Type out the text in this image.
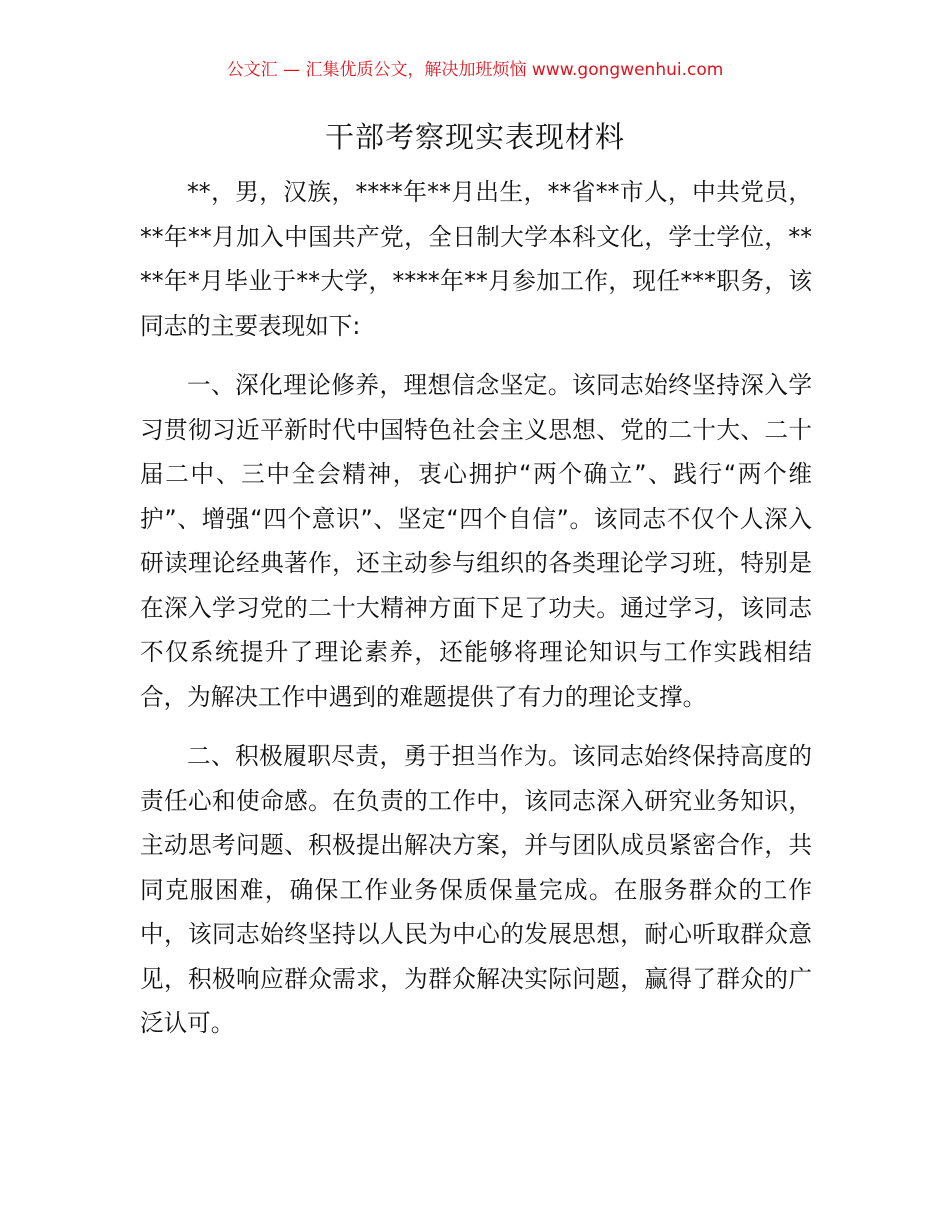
公文汇 — 汇集优质公文，解决加班烦恼 www.gongwenhui.com
干部考察现实表现材料

**，男，汉族，****年**月出生，**省**市人，中共党员，**年**月加入中国共产党，全日制大学本科文化，学士学位，****年*月毕业于**大学，****年**月参加工作，现任***职务，该同志的主要表现如下:

一、深化理论修养，理想信念坚定。该同志始终坚持深入学习贯彻习近平新时代中国特色社会主义思想、党的二十大、二十届二中、三中全会精神，衷心拥护“两个确立”、践行“两个维护”、增强“四个意识”、坚定“四个自信”。该同志不仅个人深入研读理论经典著作，还主动参与组织的各类理论学习班，特别是在深入学习党的二十大精神方面下足了功夫。通过学习，该同志不仅系统提升了理论素养，还能够将理论知识与工作实践相结合，为解决工作中遇到的难题提供了有力的理论支撑。

二、积极履职尽责，勇于担当作为。该同志始终保持高度的责任心和使命感。在负责的工作中，该同志深入研究业务知识，主动思考问题、积极提出解决方案，并与团队成员紧密合作，共同克服困难，确保工作业务保质保量完成。在服务群众的工作中，该同志始终坚持以人民为中心的发展思想，耐心听取群众意见，积极响应群众需求，为群众解决实际问题，赢得了群众的广泛认可。
